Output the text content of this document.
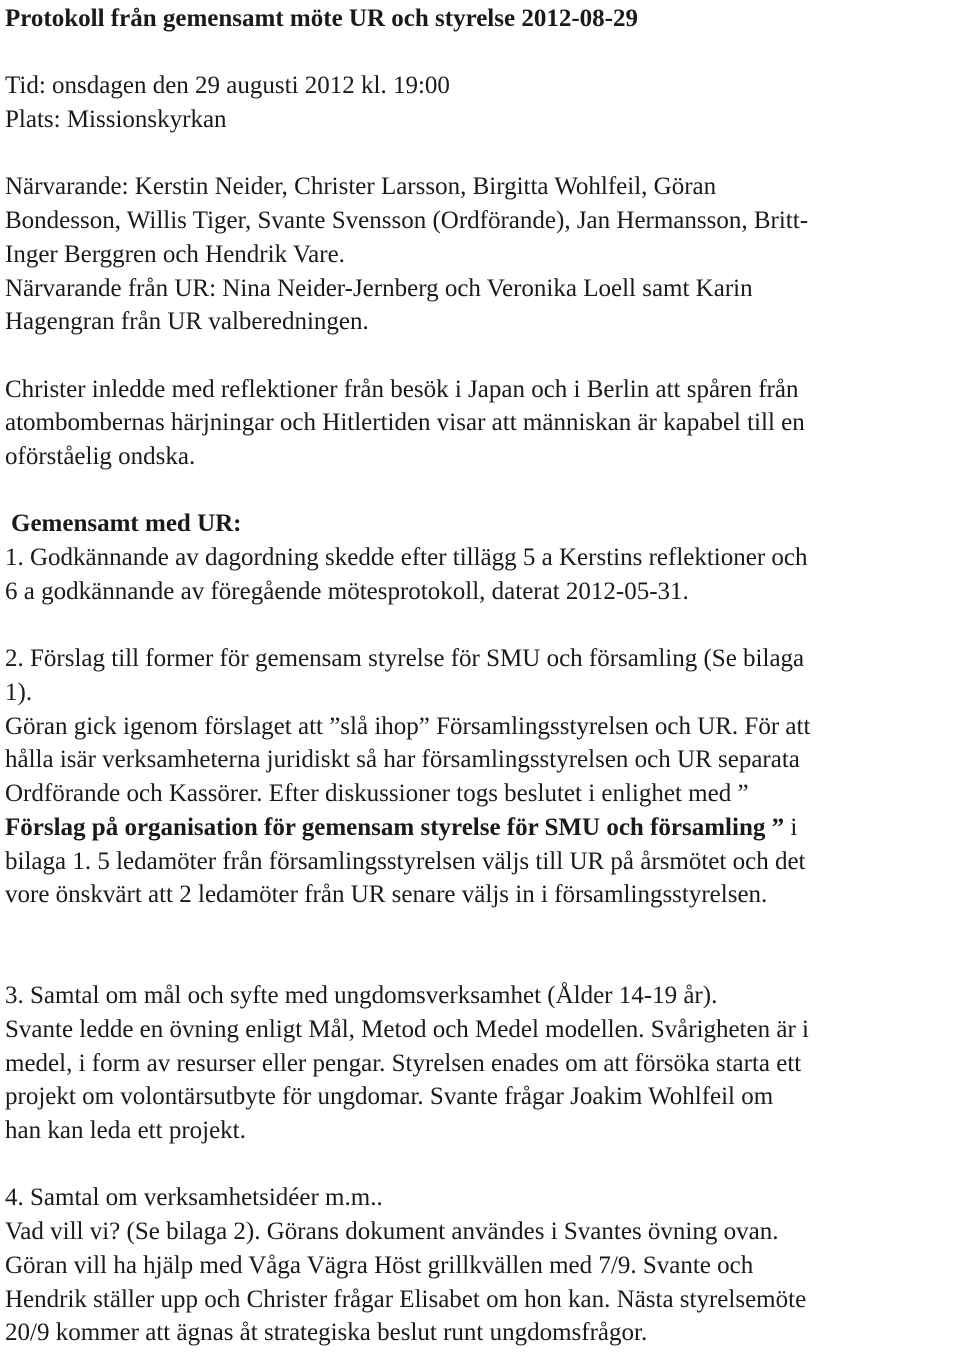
Protokoll från gemensamt möte UR och styrelse 2012-08-29

Tid: onsdagen den 29 augusti 2012 kl. 19:00

Plats: Missionskyrkan

Närvarande: Kerstin Neider, Christer Larsson, Birgitta Wohlfeil, Göran

Bondesson, Willis Tiger, Svante Svensson (Ordförande), Jan Hermansson, Britt-

Inger Berggren och Hendrik Vare.

Närvarande från UR: Nina Neider-Jernberg och Veronika Loell samt Karin

Hagengran från UR valberedningen.

Christer inledde med reflektioner från besök i Japan och i Berlin att spåren från

atombombernas härjningar och Hitlertiden visar att människan är kapabel till en

oförståelig ondska.

Gemensamt med UR:

1. Godkännande av dagordning skedde efter tillägg 5 a Kerstins reflektioner och

6 a godkännande av föregående mötesprotokoll, daterat 2012-05-31.

2. Förslag till former för gemensam styrelse för SMU och församling (Se bilaga

1).

Göran gick igenom förslaget att ”slå ihop” Församlingsstyrelsen och UR. För att

hålla isär verksamheterna juridiskt så har församlingsstyrelsen och UR separata

Ordförande och Kassörer. Efter diskussioner togs beslutet i enlighet med ”

Förslag på organisation för gemensam styrelse för SMU och församling ” i

bilaga 1. 5 ledamöter från församlingsstyrelsen väljs till UR på årsmötet och det

vore önskvärt att 2 ledamöter från UR senare väljs in i församlingsstyrelsen.

3. Samtal om mål och syfte med ungdomsverksamhet (Ålder 14-19 år).

Svante ledde en övning enligt Mål, Metod och Medel modellen. Svårigheten är i

medel, i form av resurser eller pengar. Styrelsen enades om att försöka starta ett

projekt om volontärsutbyte för ungdomar. Svante frågar Joakim Wohlfeil om

han kan leda ett projekt.

4. Samtal om verksamhetsidéer m.m..

Vad vill vi? (Se bilaga 2). Görans dokument användes i Svantes övning ovan.

Göran vill ha hjälp med Våga Vägra Höst grillkvällen med 7/9. Svante och

Hendrik ställer upp och Christer frågar Elisabet om hon kan. Nästa styrelsemöte

20/9 kommer att ägnas åt strategiska beslut runt ungdomsfrågor.
